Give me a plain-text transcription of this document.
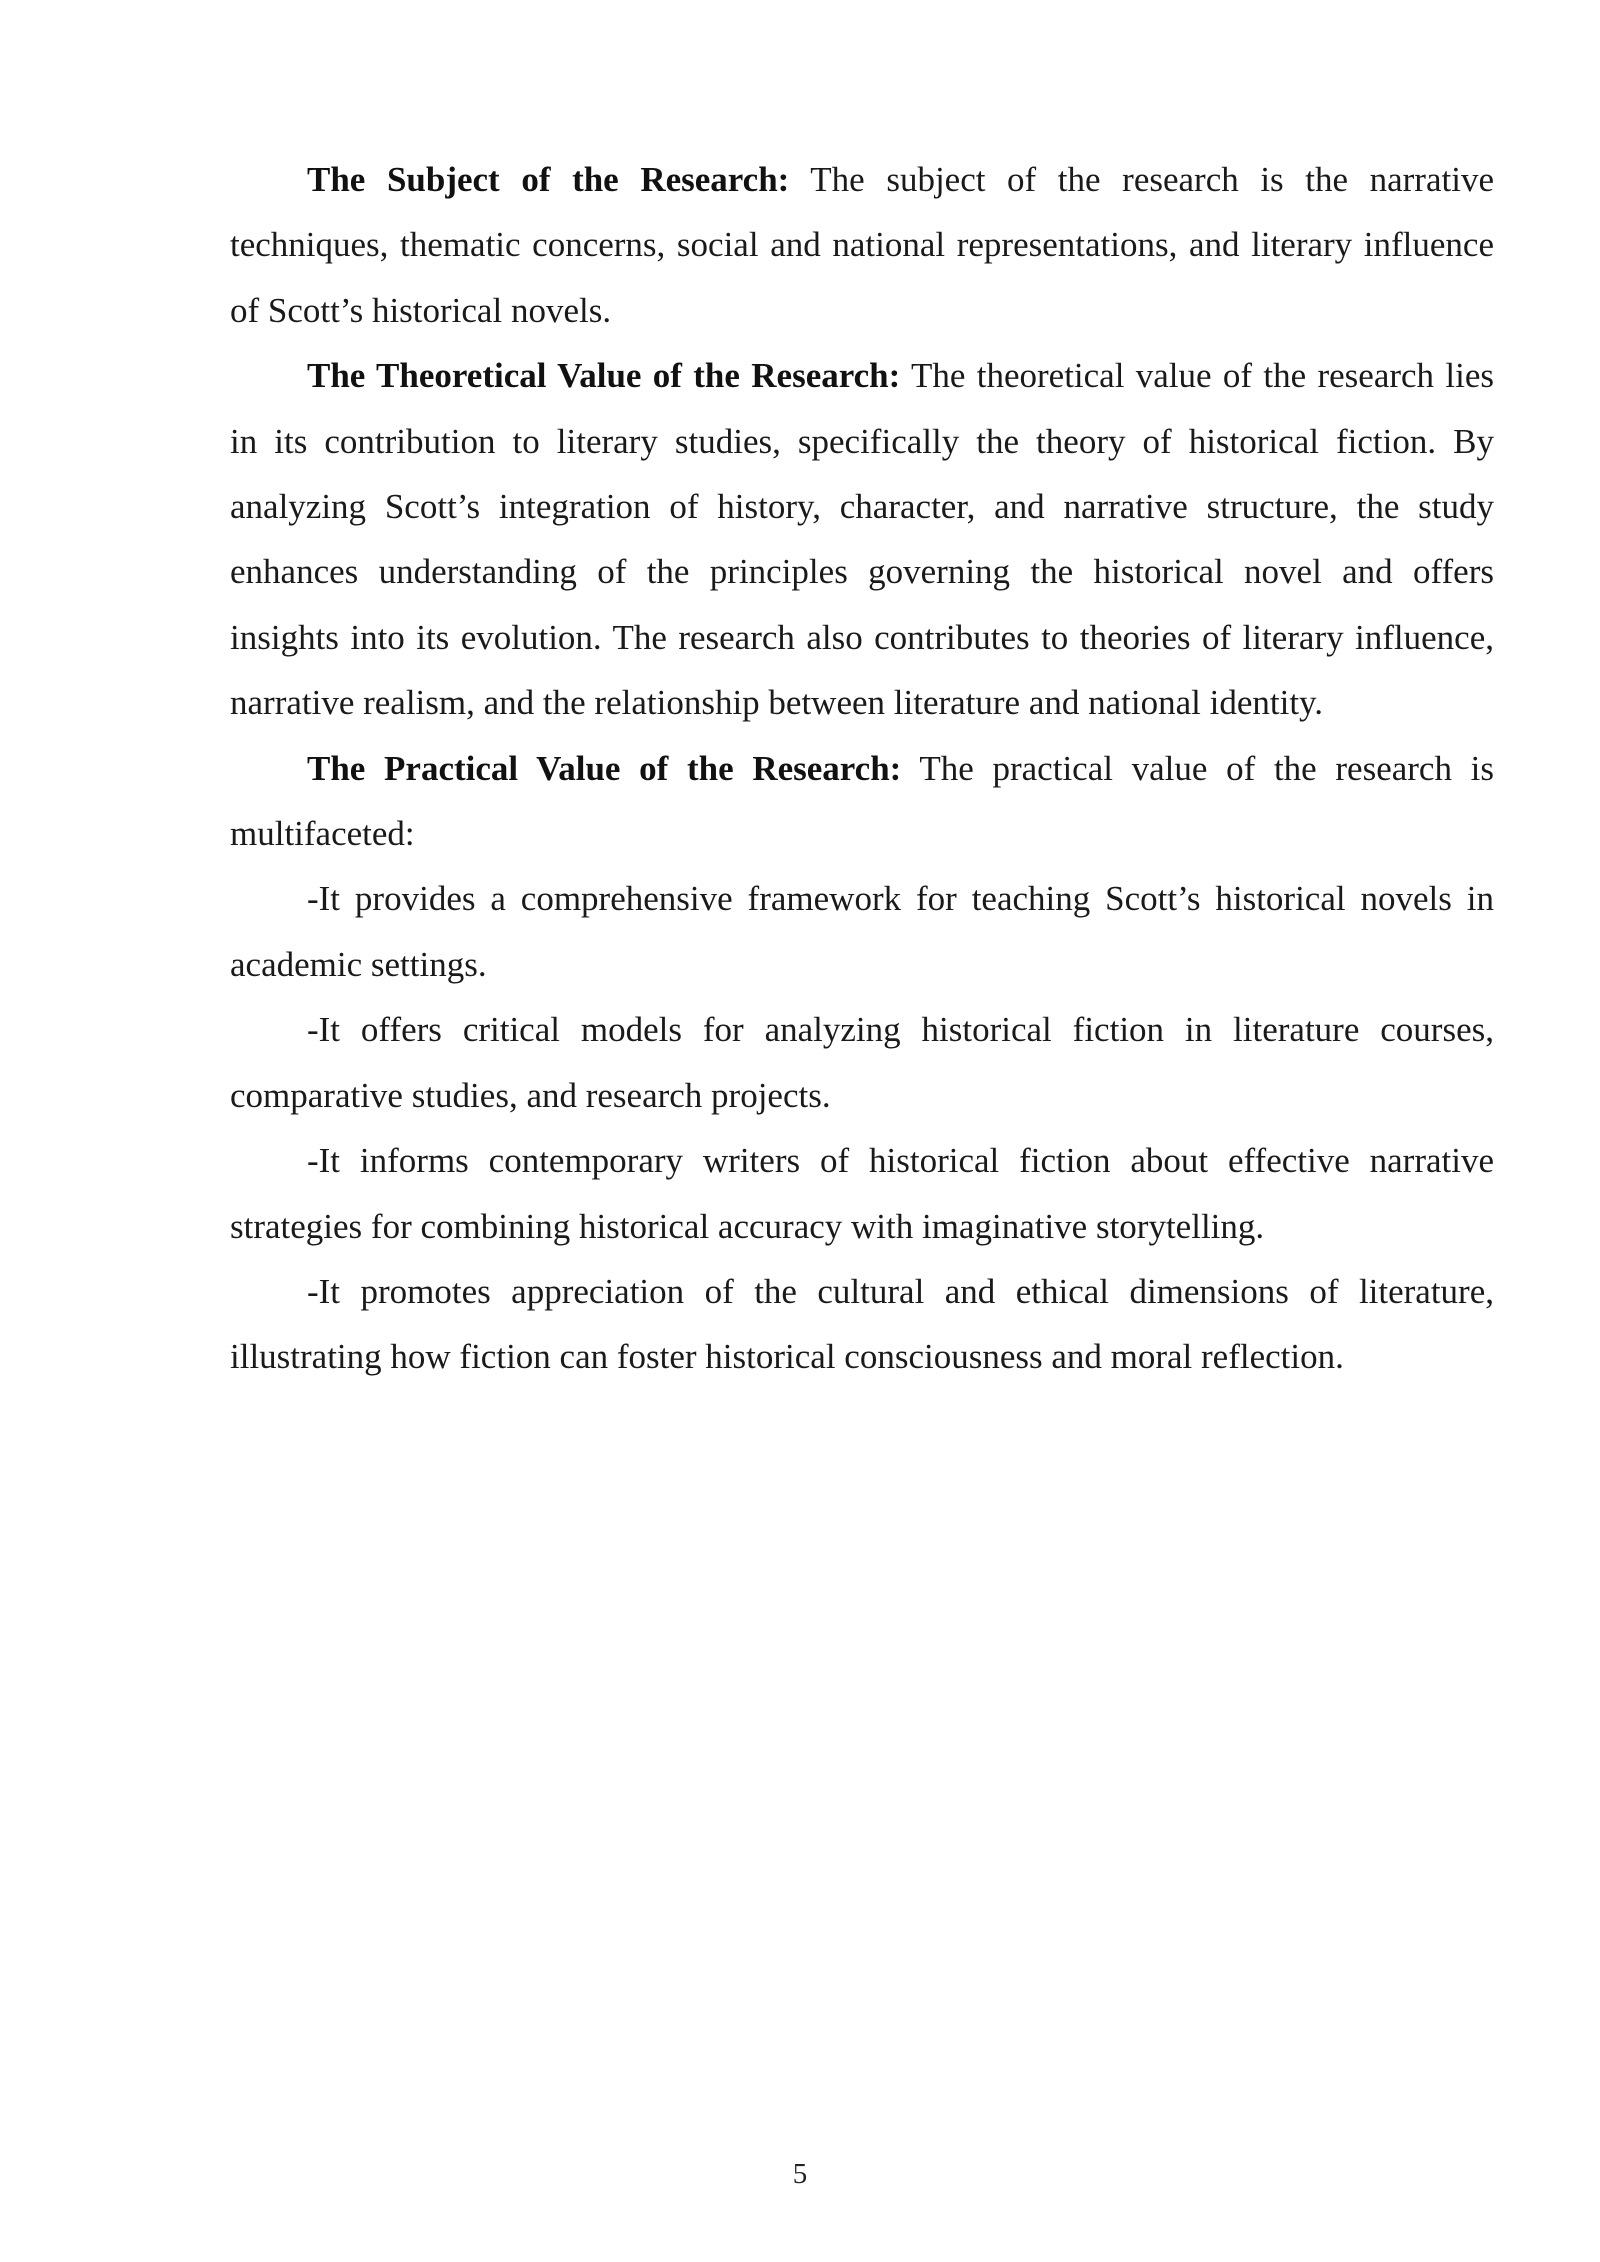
The Subject of the Research: The subject of the research is the narrative techniques, thematic concerns, social and national representations, and literary influence of Scott’s historical novels.

The Theoretical Value of the Research: The theoretical value of the research lies in its contribution to literary studies, specifically the theory of historical fiction. By analyzing Scott’s integration of history, character, and narrative structure, the study enhances understanding of the principles governing the historical novel and offers insights into its evolution. The research also contributes to theories of literary influence, narrative realism, and the relationship between literature and national identity.

The Practical Value of the Research: The practical value of the research is multifaceted:

-It provides a comprehensive framework for teaching Scott’s historical novels in academic settings.

-It offers critical models for analyzing historical fiction in literature courses, comparative studies, and research projects.

-It informs contemporary writers of historical fiction about effective narrative strategies for combining historical accuracy with imaginative storytelling.

-It promotes appreciation of the cultural and ethical dimensions of literature, illustrating how fiction can foster historical consciousness and moral reflection.

5
